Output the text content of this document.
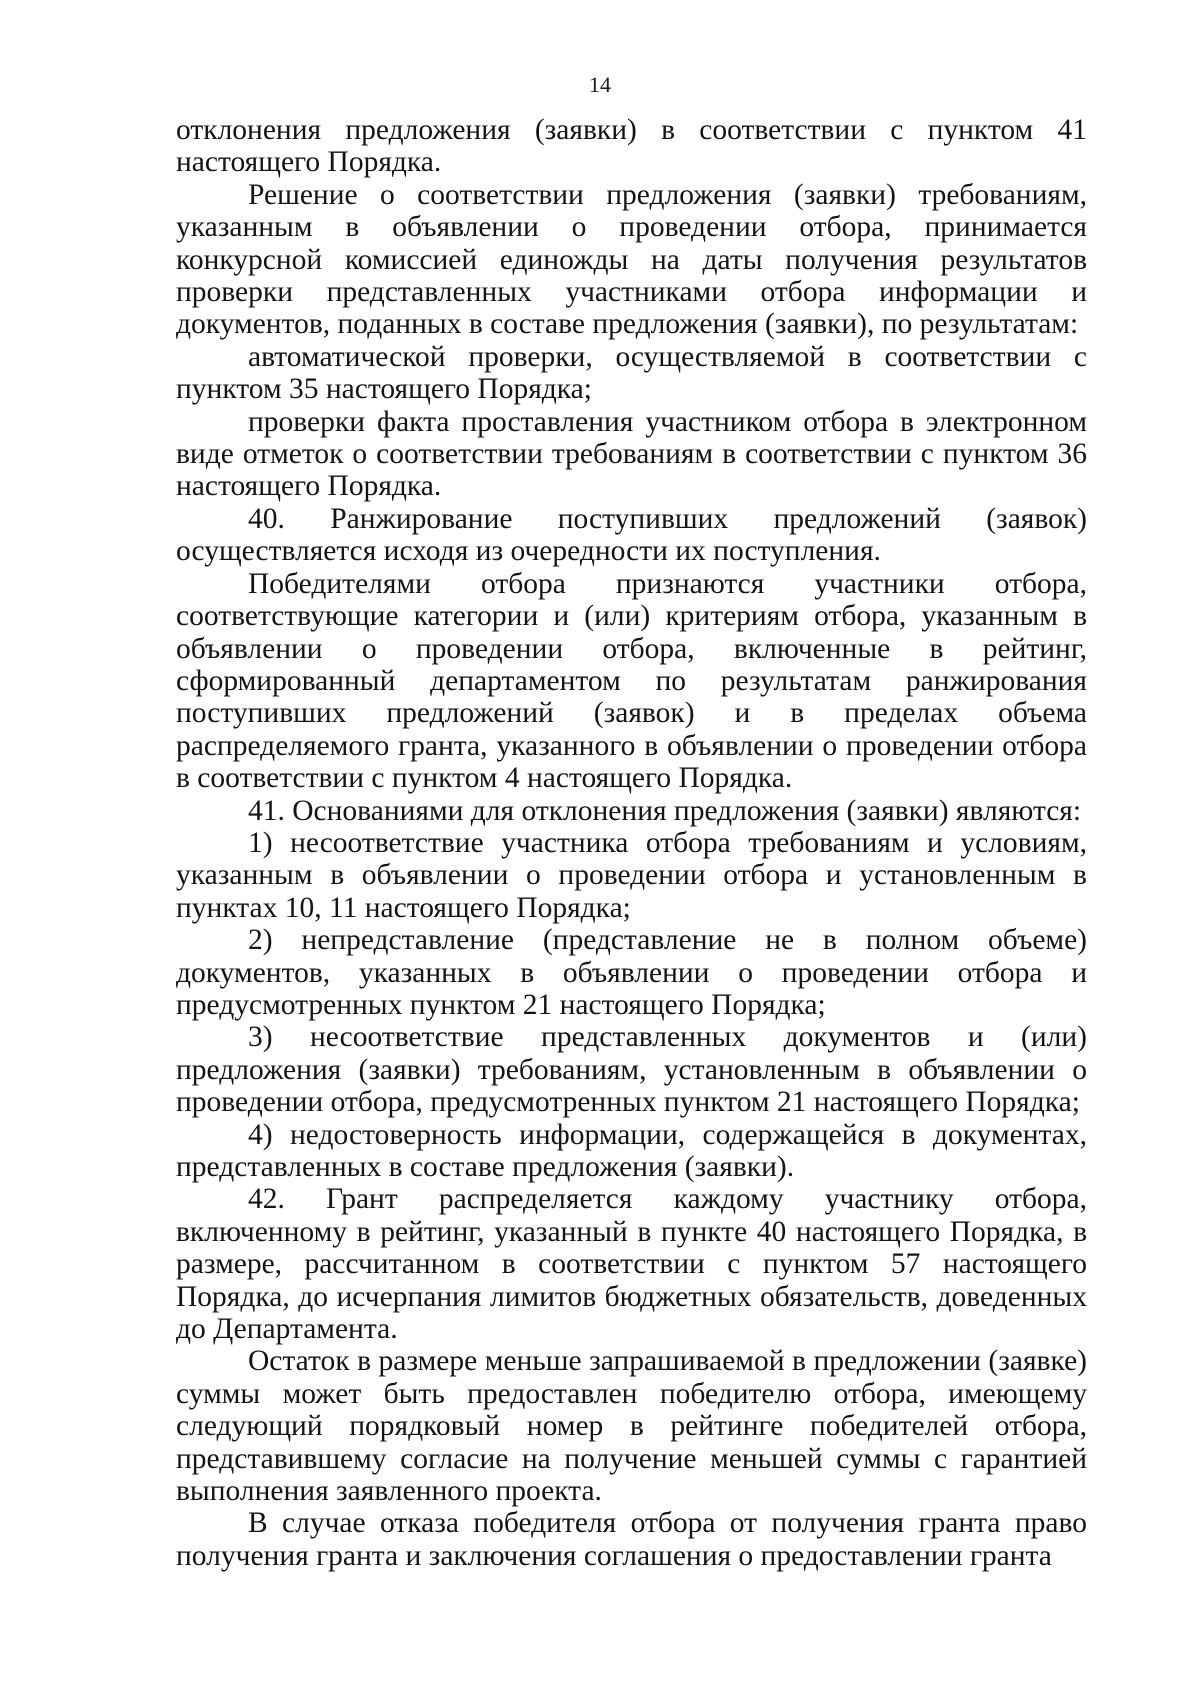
14

отклонения предложения (заявки) в соответствии с пунктом 41 настоящего Порядка.

Решение о соответствии предложения (заявки) требованиям, указанным в объявлении о проведении отбора, принимается конкурсной комиссией единожды на даты получения результатов проверки представленных участниками отбора информации и документов, поданных в составе предложения (заявки), по результатам:

автоматической проверки, осуществляемой в соответствии с пунктом 35 настоящего Порядка;

проверки факта проставления участником отбора в электронном виде отметок о соответствии требованиям в соответствии с пунктом 36 настоящего Порядка.

40. Ранжирование поступивших предложений (заявок) осуществляется исходя из очередности их поступления.

Победителями отбора признаются участники отбора, соответствующие категории и (или) критериям отбора, указанным в объявлении о проведении отбора, включенные в рейтинг, сформированный департаментом по результатам ранжирования поступивших предложений (заявок) и в пределах объема распределяемого гранта, указанного в объявлении о проведении отбора в соответствии с пунктом 4 настоящего Порядка.

41. Основаниями для отклонения предложения (заявки) являются:

1) несоответствие участника отбора требованиям и условиям, указанным в объявлении о проведении отбора и установленным в пунктах 10, 11 настоящего Порядка;

2) непредставление (представление не в полном объеме) документов, указанных в объявлении о проведении отбора и предусмотренных пунктом 21 настоящего Порядка;

3) несоответствие представленных документов и (или) предложения (заявки) требованиям, установленным в объявлении о проведении отбора, предусмотренных пунктом 21 настоящего Порядка;

4) недостоверность информации, содержащейся в документах, представленных в составе предложения (заявки).

42. Грант распределяется каждому участнику отбора, включенному в рейтинг, указанный в пункте 40 настоящего Порядка, в размере, рассчитанном в соответствии с пунктом 57 настоящего Порядка, до исчерпания лимитов бюджетных обязательств, доведенных до Департамента.

Остаток в размере меньше запрашиваемой в предложении (заявке) суммы может быть предоставлен победителю отбора, имеющему следующий порядковый номер в рейтинге победителей отбора, представившему согласие на получение меньшей суммы с гарантией выполнения заявленного проекта.

В случае отказа победителя отбора от получения гранта право получения гранта и заключения соглашения о предоставлении гранта
